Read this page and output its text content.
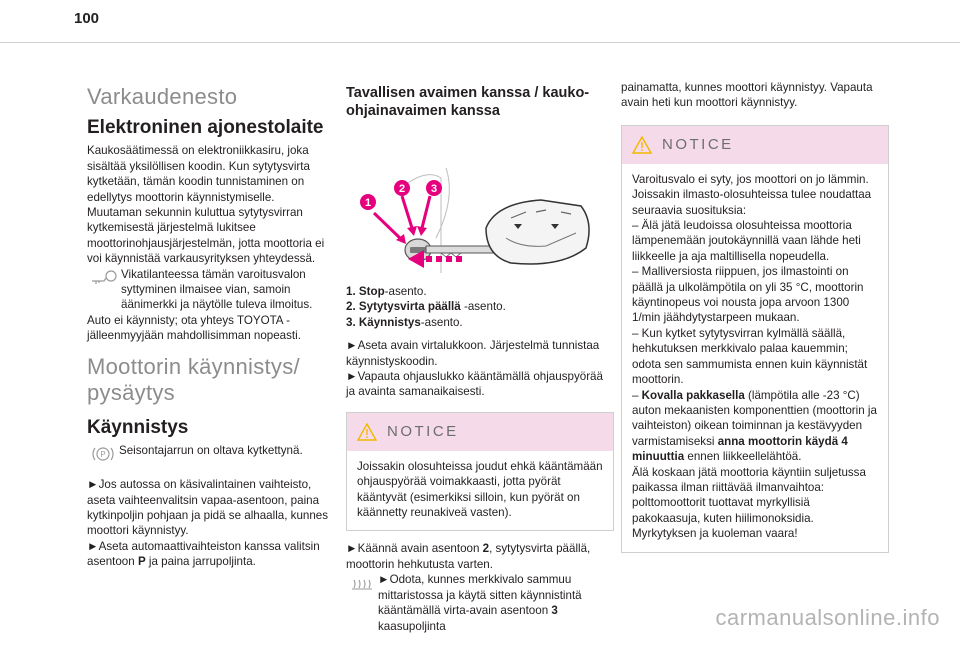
100
Varkaudenesto
Elektroninen ajonestolaite

Kaukosäätimessä on elektroniikkasiru, joka sisältää yksilöllisen koodin. Kun sytytysvirta kytketään, tämän koodin tunnistaminen on edellytys moottorin käynnistymiselle.

Muutaman sekunnin kuluttua sytytysvirran kytkemisestä järjestelmä lukitsee moottorinohjausjärjestelmän, jotta moottoria ei voi käynnistää varkausyrityksen yhteydessä.

Vikatilanteessa tämän varoitusvalon syttyminen ilmaisee vian, samoin äänimerkki ja näytölle tuleva ilmoitus.

Auto ei käynnisty; ota yhteys TOYOTA -jälleenmyyjään mahdollisimman nopeasti.

Moottorin käynnistys/
pysäytys
Käynnistys
P Seisontajarrun on oltava kytkettynä.

►Jos autossa on käsivalintainen vaihteisto, aseta vaihteenvalitsin vapaa-asentoon, paina kytkinpoljin pohjaan ja pidä se alhaalla, kunnes moottori käynnistyy.

►Aseta automaattivaihteiston kanssa valitsin asentoon P ja paina jarrupoljinta.

Tavallisen avaimen kanssa / kauko-ohjainavaimen kanssa
1
2 3
1. Stop-asento.
2. Sytytysvirta päällä -asento.
3. Käynnistys-asento.

►Aseta avain virtalukkoon. Järjestelmä tunnistaa käynnistyskoodin.

►Vapauta ohjauslukko kääntämällä ohjauspyörää ja avainta samanaikaisesti.

NOTICE
Joissakin olosuhteissa joudut ehkä kääntämään ohjauspyörää voimakkaasti, jotta pyörät kääntyvät (esimerkiksi silloin, kun pyörät on käännetty reunakiveä vasten).

►Käännä avain asentoon 2, sytytysvirta päällä, moottorin hehkutusta varten.

►Odota, kunnes merkkivalo sammuu mittaristossa ja käytä sitten käynnistintä kääntämällä virta-avain asentoon 3 kaasupoljinta

painamatta, kunnes moottori käynnistyy. Vapauta avain heti kun moottori käynnistyy.

NOTICE
Varoitusvalo ei syty, jos moottori on jo lämmin.
Joissakin ilmasto-olosuhteissa tulee noudattaa seuraavia suosituksia:
– Älä jätä leudoissa olosuhteissa moottoria lämpenemään joutokäynnillä vaan lähde heti liikkeelle ja aja maltillisella nopeudella.
– Malliversiosta riippuen, jos ilmastointi on päällä ja ulkolämpötila on yli 35 °C, moottorin käyntinopeus voi nousta jopa arvoon 1300 1/min jäähdytystarpeen mukaan.
– Kun kytket sytytysvirran kylmällä säällä, hehkutuksen merkkivalo palaa kauemmin; odota sen sammumista ennen kuin käynnistät moottorin.
– Kovalla pakkasella (lämpötila alle -23 °C) auton mekaanisten komponenttien (moottorin ja vaihteiston) oikean toiminnan ja kestävyyden varmistamiseksi anna moottorin käydä 4 minuuttia ennen liikkeellelähtöä.
Älä koskaan jätä moottoria käyntiin suljetussa paikassa ilman riittävää ilmanvaihtoa: polttomoottorit tuottavat myrkyllisiä pakokaasuja, kuten hiilimonoksidia. Myrkytyksen ja kuoleman vaara!
carmanualsonline.info
